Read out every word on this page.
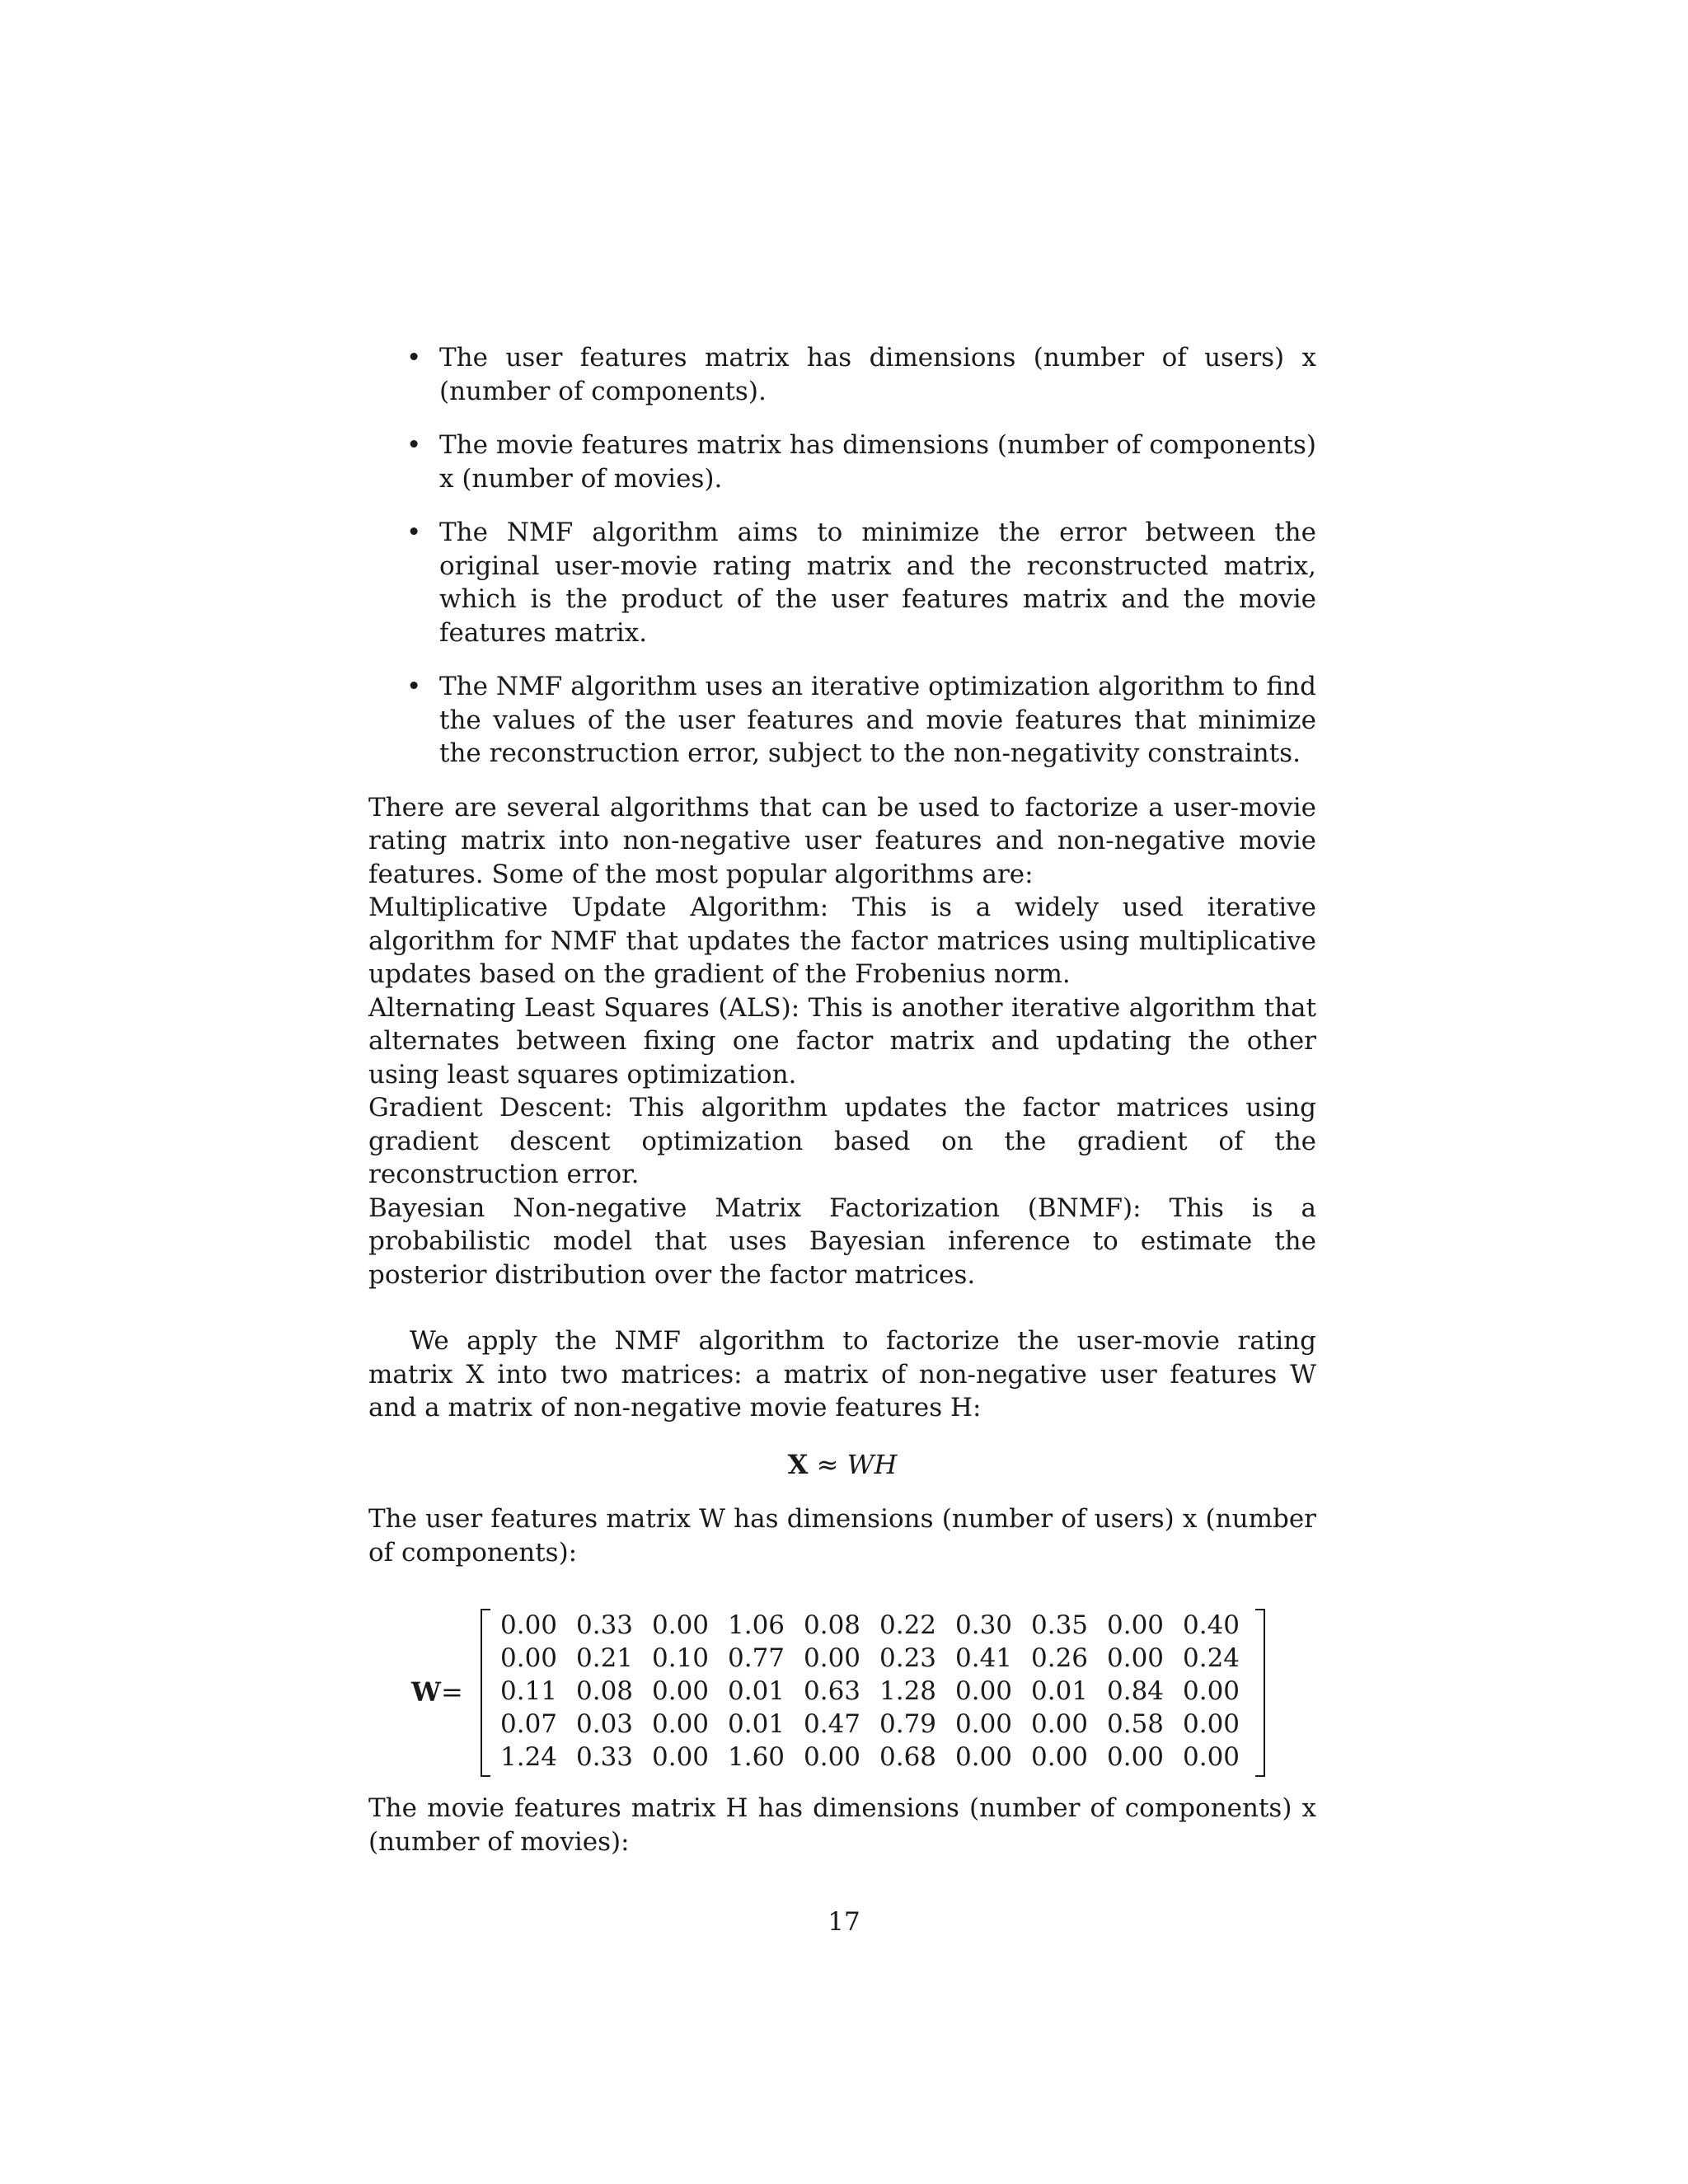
• The user features matrix has dimensions (number of users) x (number of components).
• The movie features matrix has dimensions (number of components) x (number of movies).
• The NMF algorithm aims to minimize the error between the original user-movie rating matrix and the reconstructed matrix, which is the product of the user features matrix and the movie features matrix.
• The NMF algorithm uses an iterative optimization algorithm to find the values of the user features and movie features that minimize the reconstruction error, subject to the non-negativity constraints.

There are several algorithms that can be used to factorize a user-movie rating matrix into non-negative user features and non-negative movie features. Some of the most popular algorithms are:

Multiplicative Update Algorithm: This is a widely used iterative algorithm for NMF that updates the factor matrices using multiplicative updates based on the gradient of the Frobenius norm.

Alternating Least Squares (ALS): This is another iterative algorithm that alternates between fixing one factor matrix and updating the other using least squares optimization.

Gradient Descent: This algorithm updates the factor matrices using gradient descent optimization based on the gradient of the reconstruction error.

Bayesian Non-negative Matrix Factorization (BNMF): This is a probabilistic model that uses Bayesian inference to estimate the posterior distribution over the factor matrices.

We apply the NMF algorithm to factorize the user-movie rating matrix X into two matrices: a matrix of non-negative user features W and a matrix of non-negative movie features H:

X ≈ WH

The user features matrix W has dimensions (number of users) x (number of components):

W=
0.00	0.33	0.00	1.06	0.08	0.22	0.30	0.35	0.00	0.40
0.00	0.21	0.10	0.77	0.00	0.23	0.41	0.26	0.00	0.24
0.11	0.08	0.00	0.01	0.63	1.28	0.00	0.01	0.84	0.00
0.07	0.03	0.00	0.01	0.47	0.79	0.00	0.00	0.58	0.00
1.24	0.33	0.00	1.60	0.00	0.68	0.00	0.00	0.00	0.00

The movie features matrix H has dimensions (number of components) x (number of movies):

17
